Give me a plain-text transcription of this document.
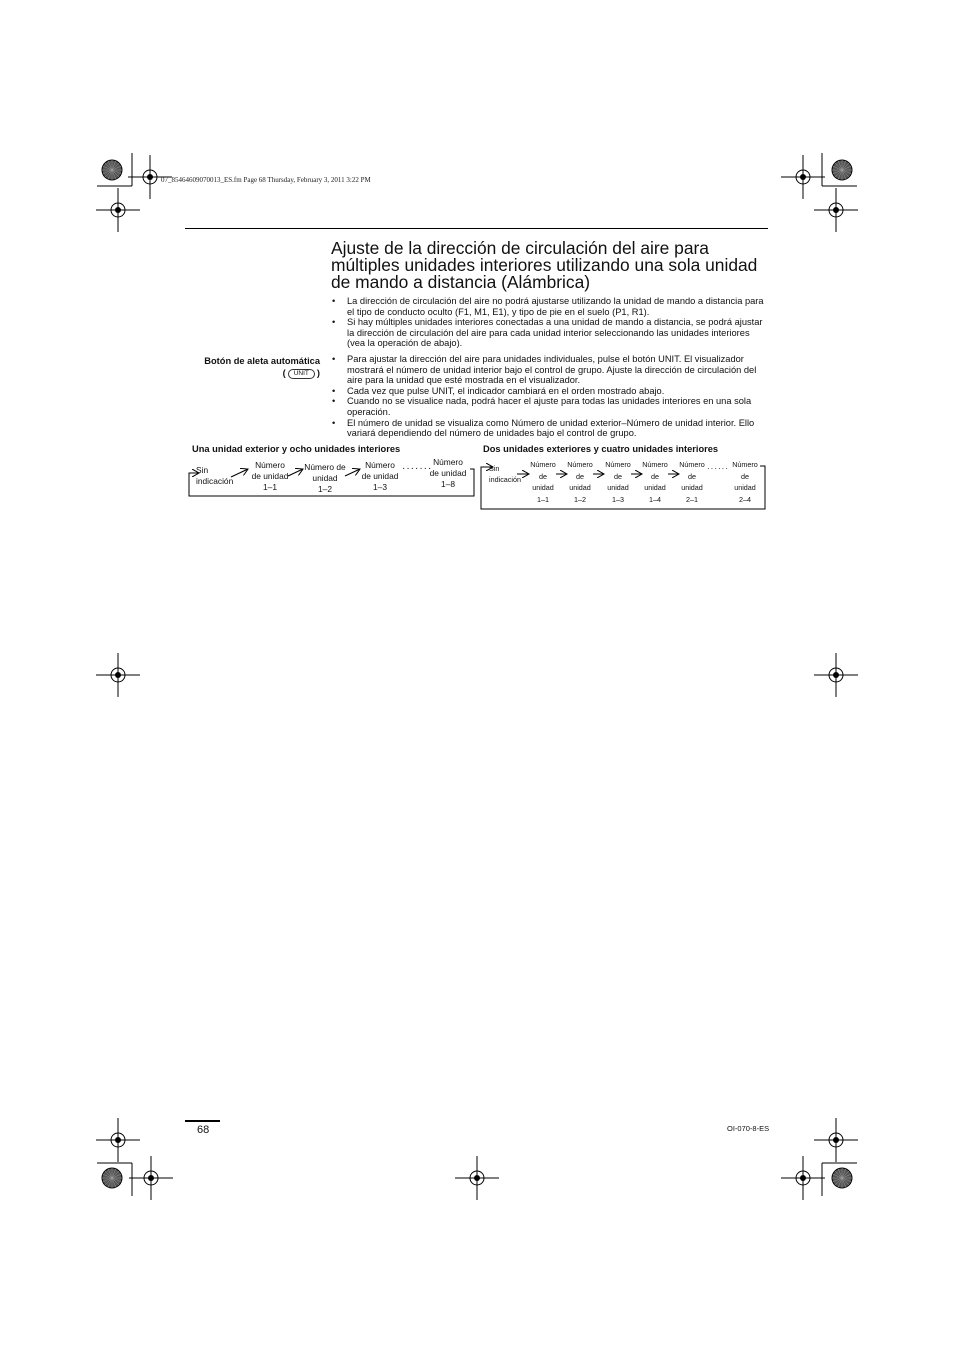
07_85464609070013_ES.fm Page 68 Thursday, February 3, 2011 3:22 PM
Ajuste de la dirección de circulación del aire para
múltiples unidades interiores utilizando una sola unidad
de mando a distancia (Alámbrica)
• La dirección de circulación del aire no podrá ajustarse utilizando la unidad de mando a distancia para el tipo de conducto oculto (F1, M1, E1), y tipo de pie en el suelo (P1, R1).
• Si hay múltiples unidades interiores conectadas a una unidad de mando a distancia, se podrá ajustar la dirección de circulación del aire para cada unidad interior seleccionando las unidades interiores (vea la operación de abajo).
Botón de aleta automática
( UNIT )
• Para ajustar la dirección del aire para unidades individuales, pulse el botón UNIT. El visualizador mostrará el número de unidad interior bajo el control de grupo. Ajuste la dirección de circulación del aire para la unidad que esté mostrada en el visualizador.
• Cada vez que pulse UNIT, el indicador cambiará en el orden mostrado abajo.
• Cuando no se visualice nada, podrá hacer el ajuste para todas las unidades interiores en una sola operación.
• El número de unidad se visualiza como Número de unidad exterior–Número de unidad interior. Ello variará dependiendo del número de unidades bajo el control de grupo.
Una unidad exterior y ocho unidades interiores
Sin
indicación
Número
de unidad
1–1
Número de
unidad
1–2
Número
de unidad
1–3
·······
Número
de unidad
1–8
Dos unidades exteriores y cuatro unidades interiores
Sin
indicación
Número
de
unidad
1–1
Número
de
unidad
1–2
Número
de
unidad
1–3
Número
de
unidad
1–4
Número
de
unidad
2–1
······ Número
de
unidad
2–4
68	OI-070-8-ES
